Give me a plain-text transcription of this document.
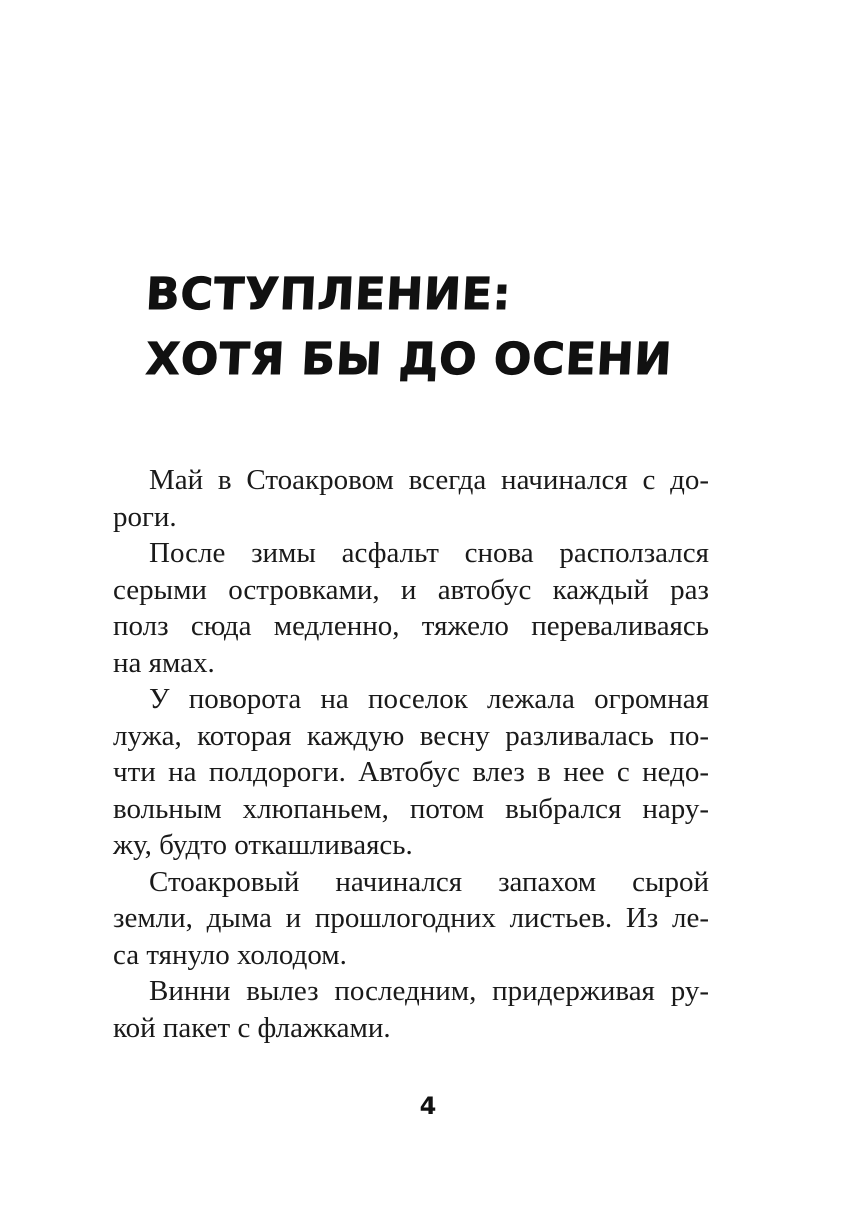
ВСТУПЛЕНИЕ:
ХОТЯ БЫ ДО ОСЕНИ

Май в Стоакровом всегда начинался с до-
роги.

После зимы асфальт снова расползался
серыми островками, и автобус каждый раз
полз сюда медленно, тяжело переваливаясь
на ямах.

У поворота на поселок лежала огромная
лужа, которая каждую весну разливалась по-
чти на полдороги. Автобус влез в нее с недо-
вольным хлюпаньем, потом выбрался нару-
жу, будто откашливаясь.

Стоакровый начинался запахом сырой
земли, дыма и прошлогодних листьев. Из ле-
са тянуло холодом.

Винни вылез последним, придерживая ру-
кой пакет с флажками.

4
